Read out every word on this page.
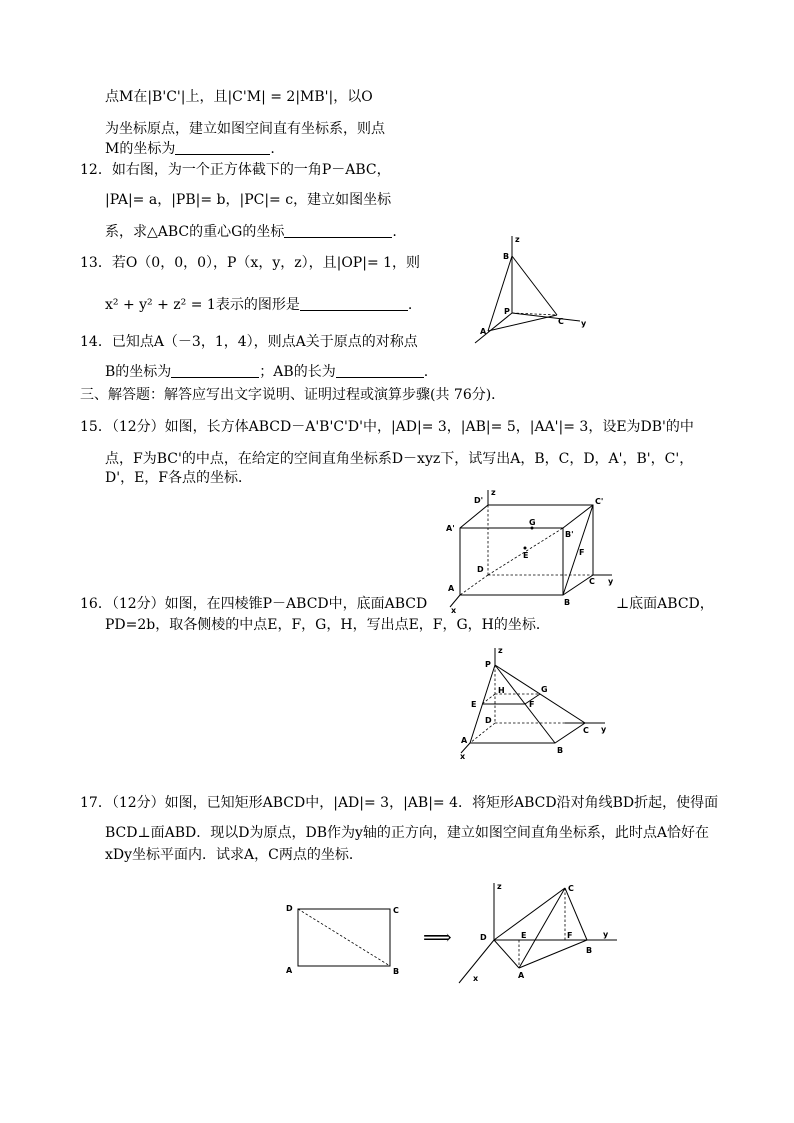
点M在|B'C'|上，且|C'M| = 2|MB'|，以O
为坐标原点，建立如图空间直有坐标系，则点
M的坐标为	.
12．如右图，为一个正方体截下的一角P－ABC，
|PA|= a，|PB|= b，|PC|= c，建立如图坐标
系，求△ABC的重心G的坐标	.
13．若O（0，0，0），P（x，y，z），且|OP|= 1，则
x² + y² + z² = 1表示的图形是	.
14．已知点A（－3，1，4），则点A关于原点的对称点
B的坐标为	；AB的长为	.
三、解答题：解答应写出文字说明、证明过程或演算步骤(共 76分)．
15．（12分）如图，长方体ABCD－A'B'C'D'中，|AD|= 3，|AB|= 5，|AA'|= 3，设E为DB'的中
点，F为BC'的中点，在给定的空间直角坐标系D－xyz下，试写出A，B，C，D，A'，B'，C'，
D'，E，F各点的坐标．
16．（12分）如图，在四棱锥P－ABCD中，底面ABCD	⊥底面ABCD，
PD=2b，取各侧棱的中点E，F，G，H，写出点E，F，G，H的坐标．
17．（12分）如图，已知矩形ABCD中，|AD|= 3，|AB|= 4．将矩形ABCD沿对角线BD折起，使得面
BCD⊥面ABD．现以D为原点，DB作为y轴的正方向，建立如图空间直角坐标系，此时点A恰好在
xDy坐标平面内．试求A，C两点的坐标．
z
y
B
P
A
C
z
y
x
D'	C'
A'
B'
G
E	F
D
C
A
B
z
y
x
P
H	G
E	F
D
C
A
B
D	C
A	B
⟹
z	C
D	E	F	y
B
x	A
